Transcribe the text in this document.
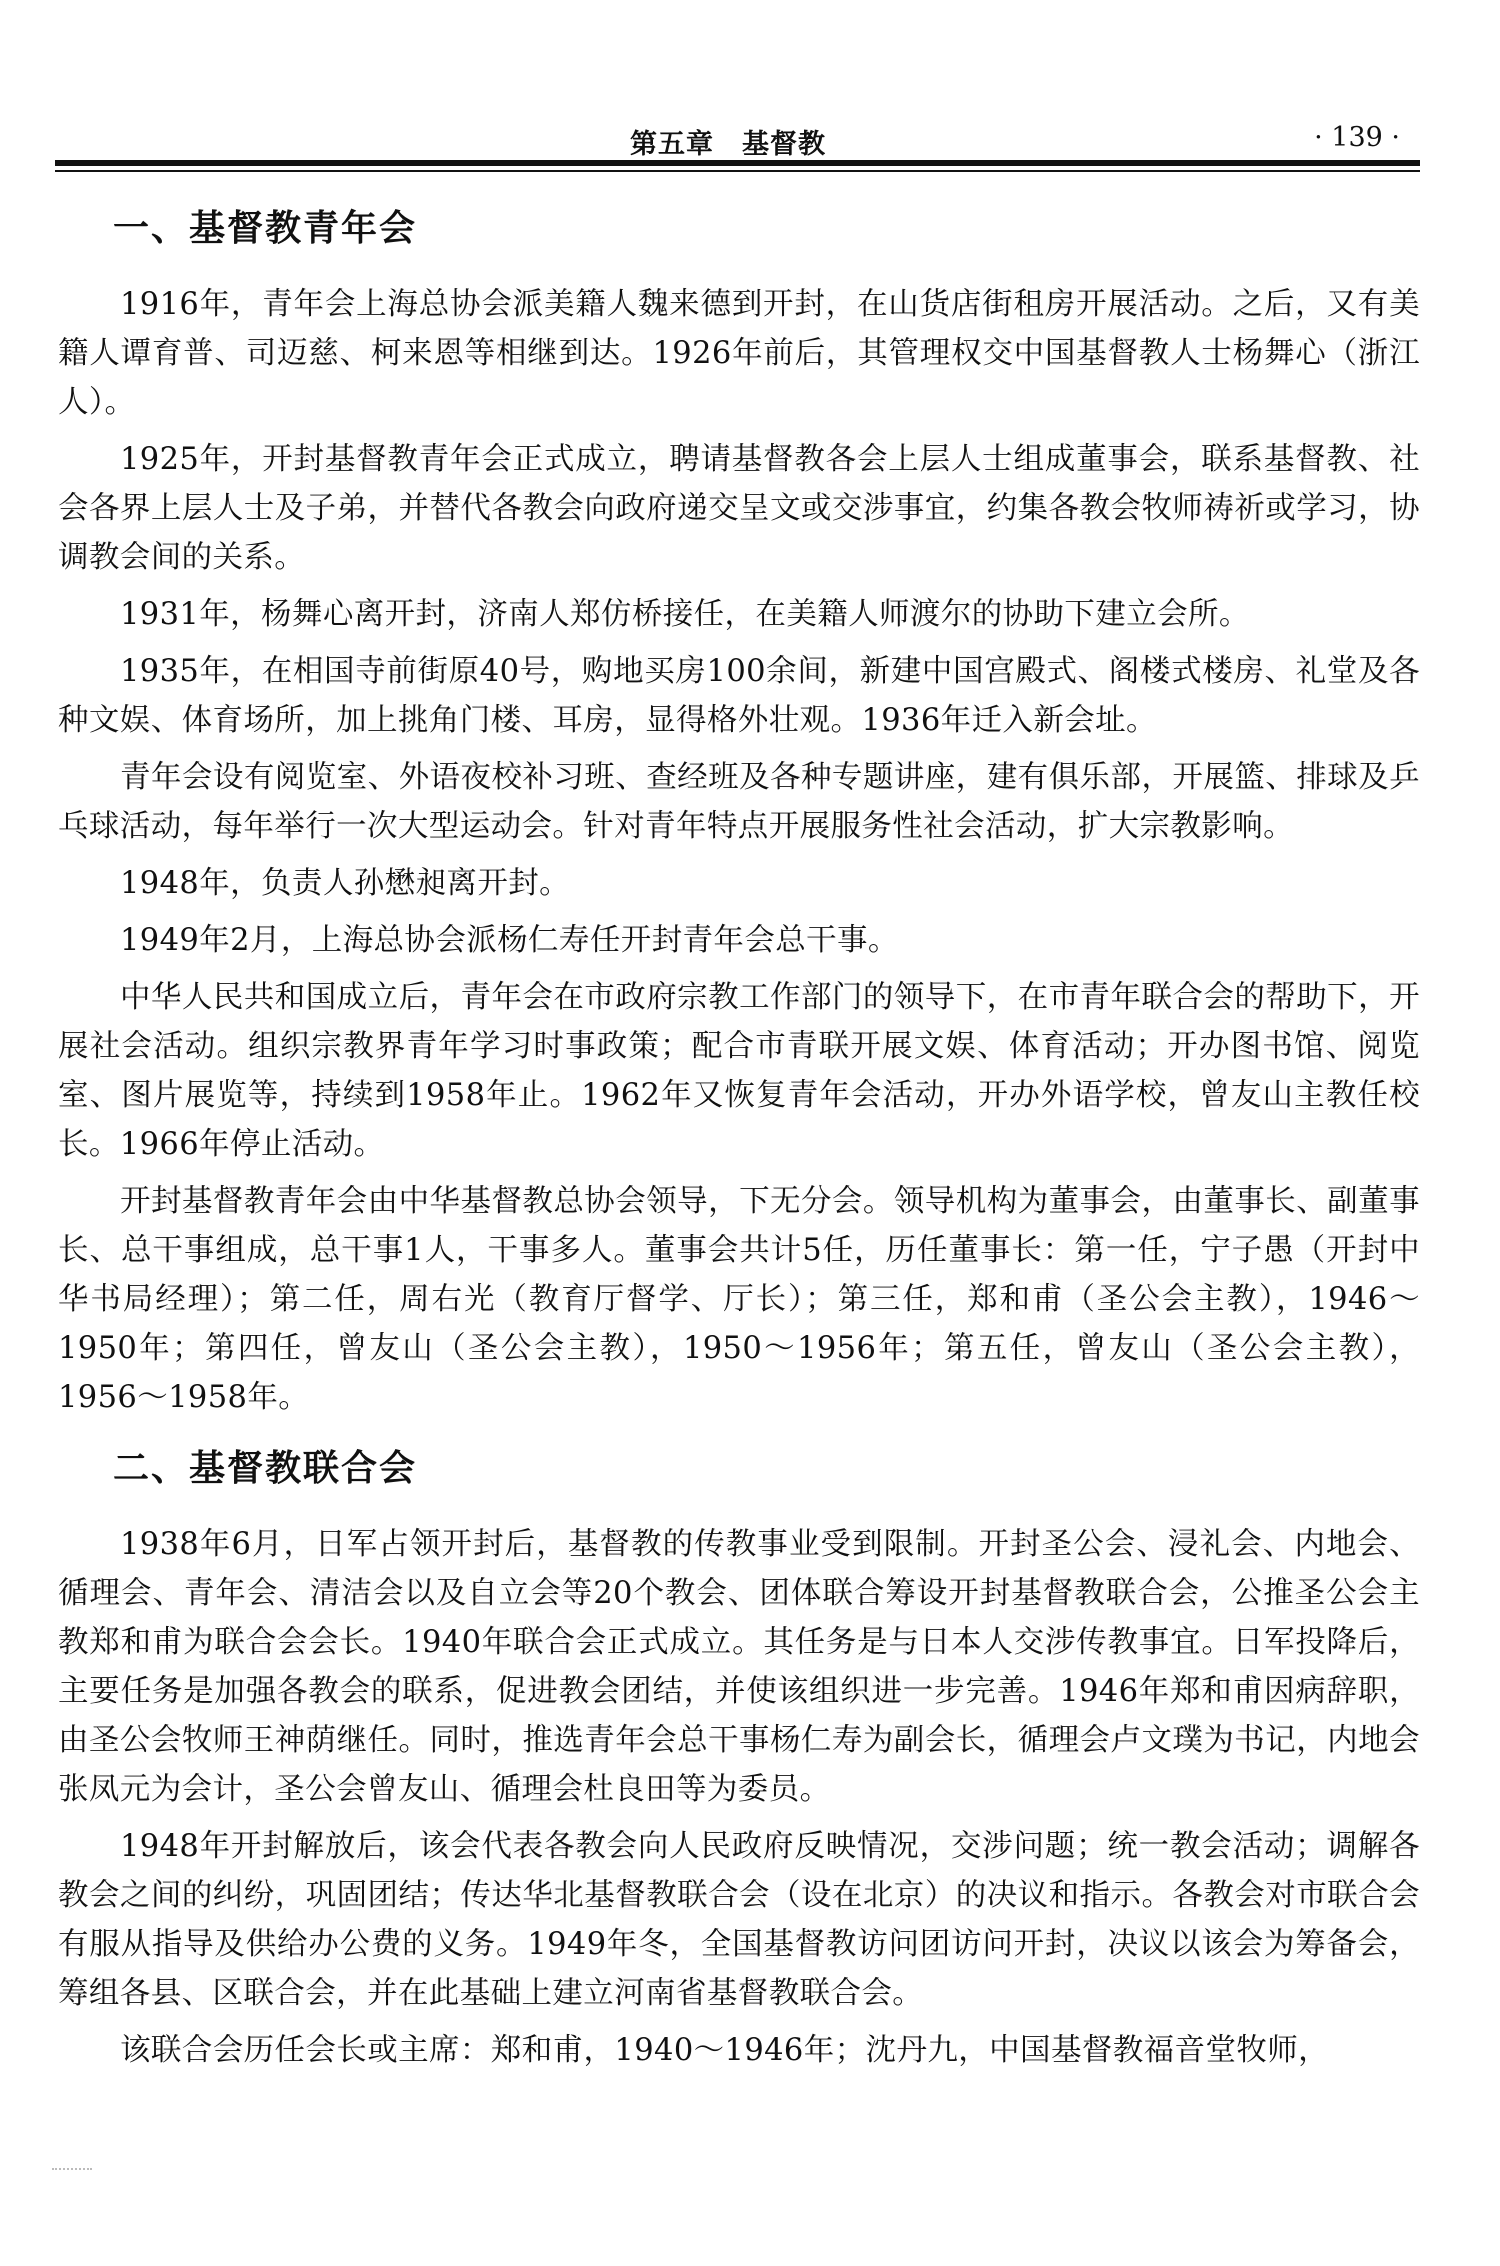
第五章　基督教	· 139 ·
一、基督教青年会

1916年，青年会上海总协会派美籍人魏来德到开封，在山货店街租房开展活动。之后，又有美籍人谭育普、司迈慈、柯来恩等相继到达。1926年前后，其管理权交中国基督教人士杨舞心（浙江人）。

1925年，开封基督教青年会正式成立，聘请基督教各会上层人士组成董事会，联系基督教、社会各界上层人士及子弟，并替代各教会向政府递交呈文或交涉事宜，约集各教会牧师祷祈或学习，协调教会间的关系。

1931年，杨舞心离开封，济南人郑仿桥接任，在美籍人师渡尔的协助下建立会所。

1935年，在相国寺前街原40号，购地买房100余间，新建中国宫殿式、阁楼式楼房、礼堂及各种文娱、体育场所，加上挑角门楼、耳房，显得格外壮观。1936年迁入新会址。

青年会设有阅览室、外语夜校补习班、查经班及各种专题讲座，建有俱乐部，开展篮、排球及乒乓球活动，每年举行一次大型运动会。针对青年特点开展服务性社会活动，扩大宗教影响。

1948年，负责人孙懋昶离开封。

1949年2月，上海总协会派杨仁寿任开封青年会总干事。

中华人民共和国成立后，青年会在市政府宗教工作部门的领导下，在市青年联合会的帮助下，开展社会活动。组织宗教界青年学习时事政策；配合市青联开展文娱、体育活动；开办图书馆、阅览室、图片展览等，持续到1958年止。1962年又恢复青年会活动，开办外语学校，曾友山主教任校长。1966年停止活动。

开封基督教青年会由中华基督教总协会领导，下无分会。领导机构为董事会，由董事长、副董事长、总干事组成，总干事1人，干事多人。董事会共计5任，历任董事长：第一任，宁子愚（开封中华书局经理）；第二任，周右光（教育厅督学、厅长）；第三任，郑和甫（圣公会主教），1946～1950年；第四任，曾友山（圣公会主教），1950～1956年；第五任，曾友山（圣公会主教），1956～1958年。

二、基督教联合会

1938年6月，日军占领开封后，基督教的传教事业受到限制。开封圣公会、浸礼会、内地会、循理会、青年会、清洁会以及自立会等20个教会、团体联合筹设开封基督教联合会，公推圣公会主教郑和甫为联合会会长。1940年联合会正式成立。其任务是与日本人交涉传教事宜。日军投降后，主要任务是加强各教会的联系，促进教会团结，并使该组织进一步完善。1946年郑和甫因病辞职，由圣公会牧师王神荫继任。同时，推选青年会总干事杨仁寿为副会长，循理会卢文璞为书记，内地会张凤元为会计，圣公会曾友山、循理会杜良田等为委员。

1948年开封解放后，该会代表各教会向人民政府反映情况，交涉问题；统一教会活动；调解各教会之间的纠纷，巩固团结；传达华北基督教联合会（设在北京）的决议和指示。各教会对市联合会有服从指导及供给办公费的义务。1949年冬，全国基督教访问团访问开封，决议以该会为筹备会，筹组各县、区联合会，并在此基础上建立河南省基督教联合会。

该联合会历任会长或主席：郑和甫，1940～1946年；沈丹九，中国基督教福音堂牧师，
